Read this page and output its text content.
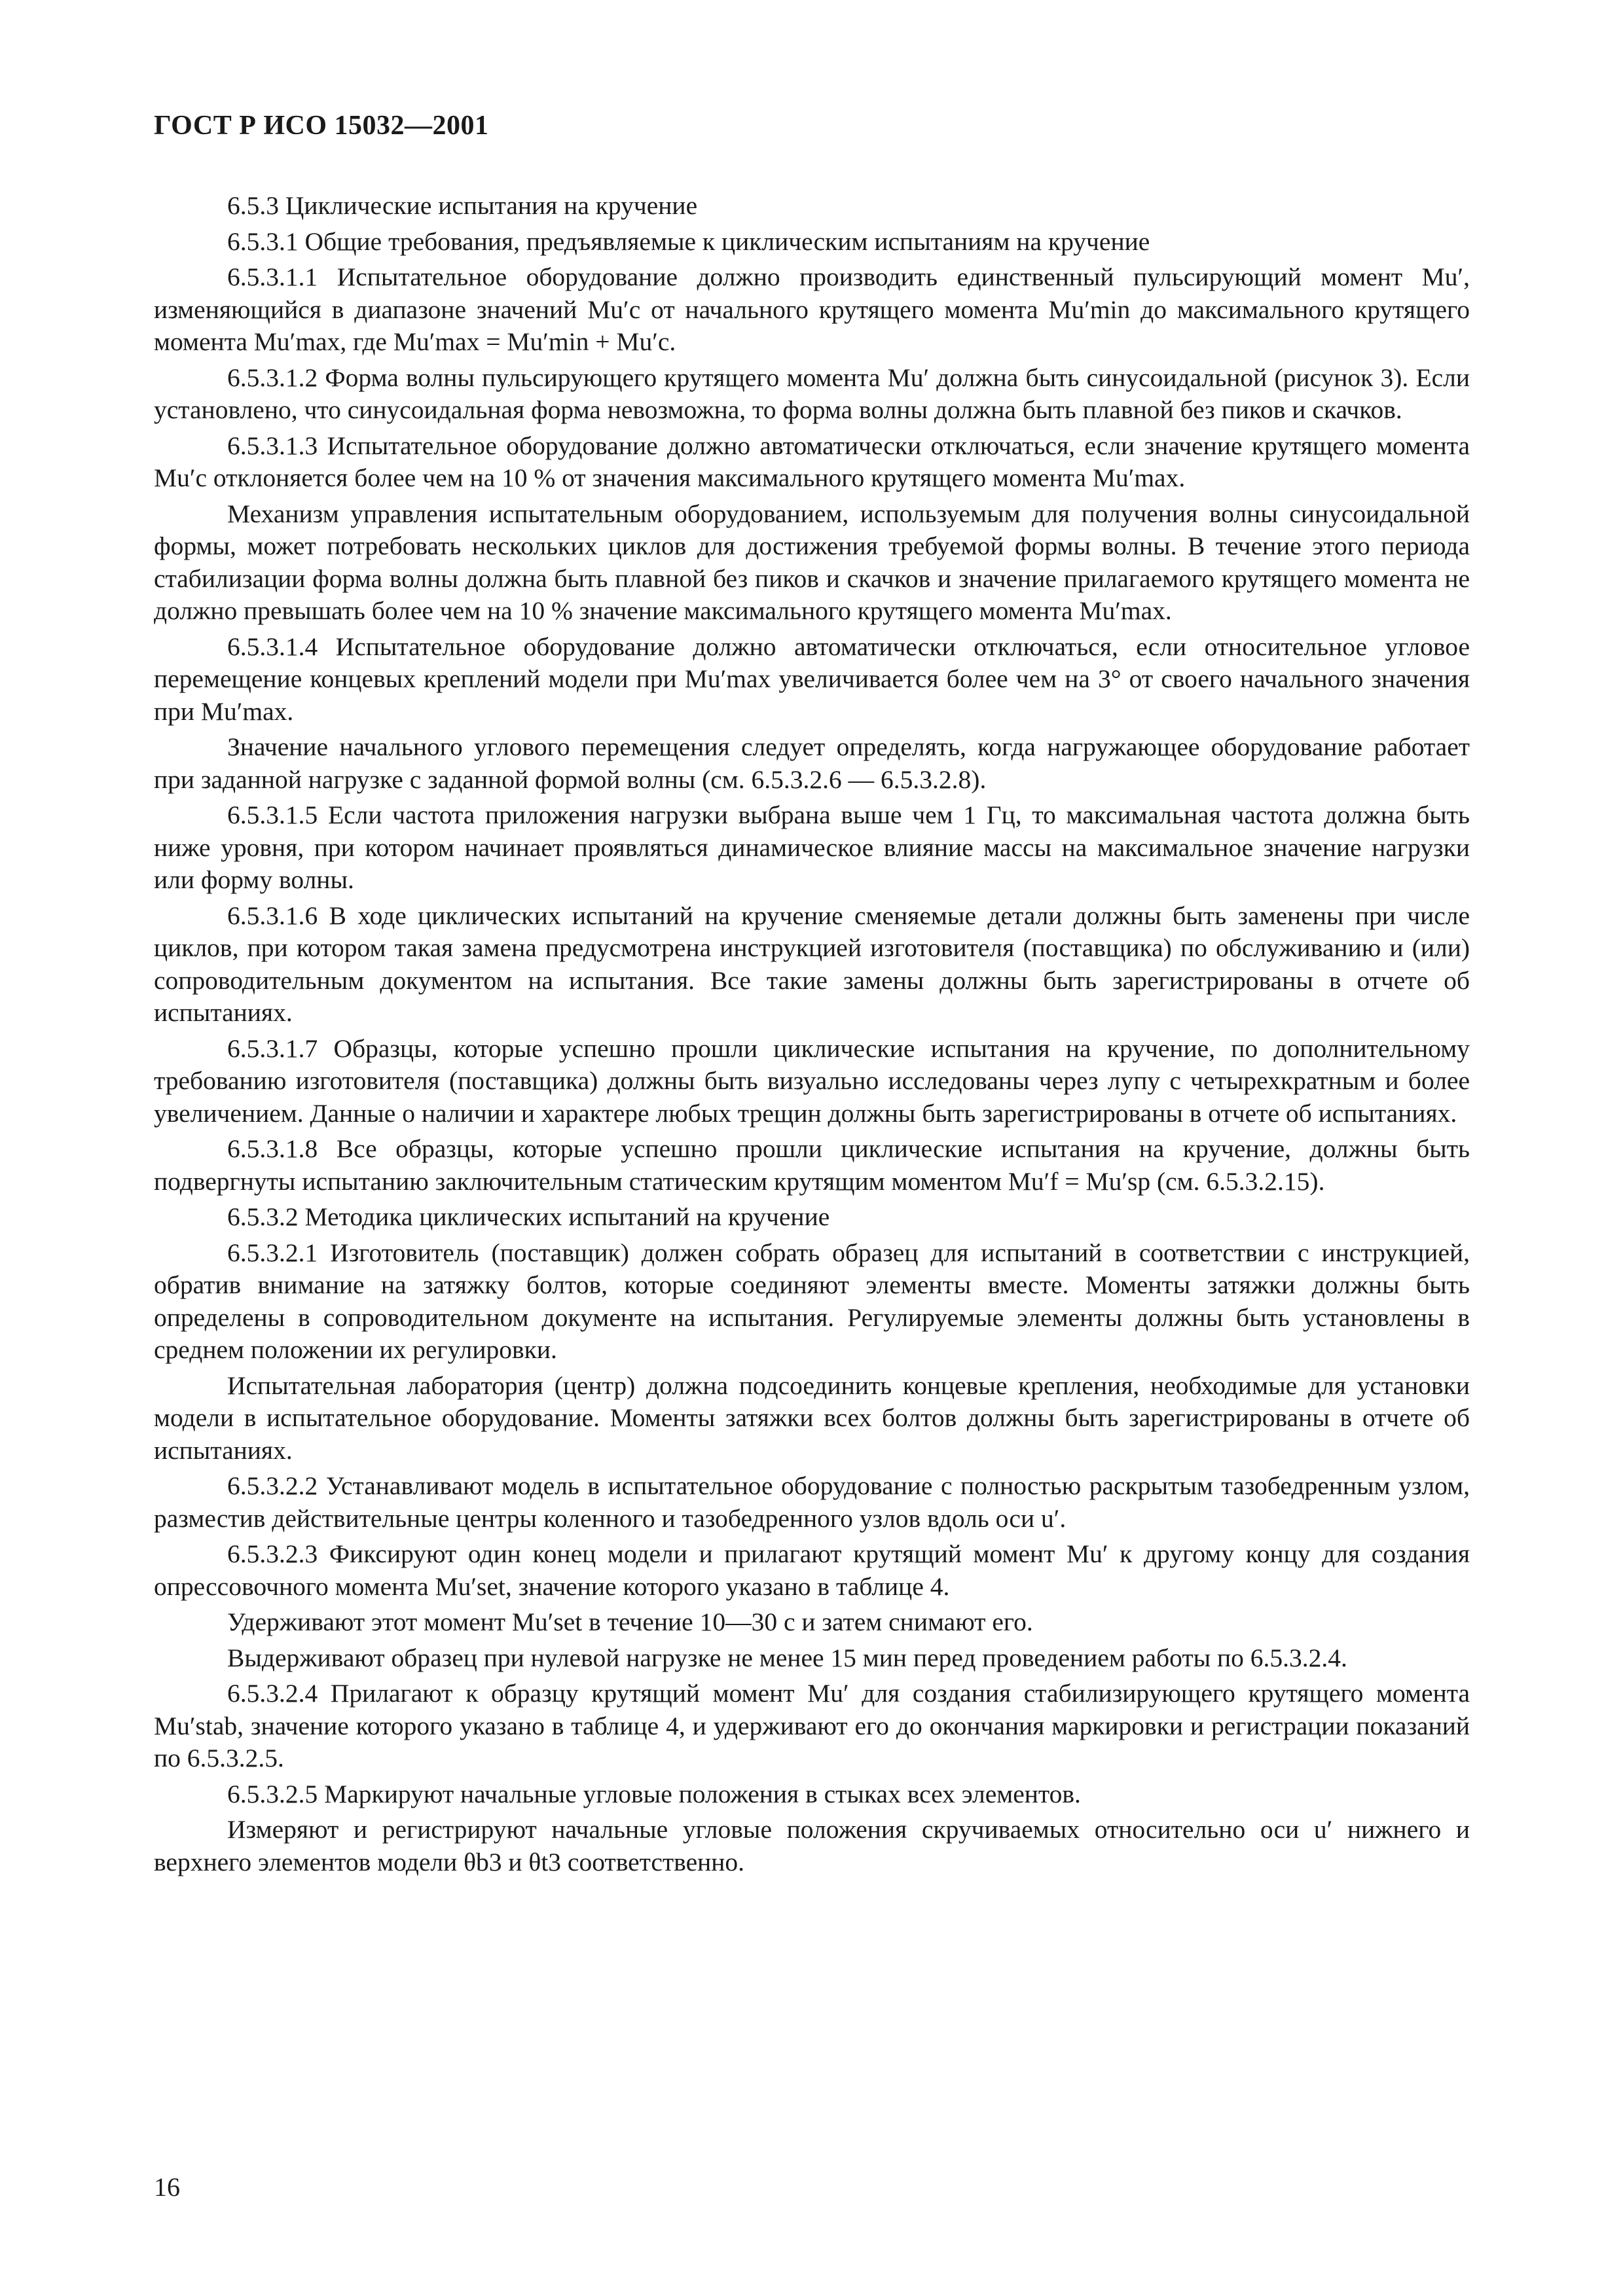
ГОСТ Р ИСО 15032—2001

6.5.3 Циклические испытания на кручение

6.5.3.1 Общие требования, предъявляемые к циклическим испытаниям на кручение

6.5.3.1.1 Испытательное оборудование должно производить единственный пульсирующий момент Mu′, изменяющийся в диапазоне значений Mu′c от начального крутящего момента Mu′min до максимального крутящего момента Mu′max, где Mu′max = Mu′min + Mu′c.

6.5.3.1.2 Форма волны пульсирующего крутящего момента Mu′ должна быть синусоидальной (рисунок 3). Если установлено, что синусоидальная форма невозможна, то форма волны должна быть плавной без пиков и скачков.

6.5.3.1.3 Испытательное оборудование должно автоматически отключаться, если значение крутящего момента Mu′c отклоняется более чем на 10 % от значения максимального крутящего момента Mu′max.

Механизм управления испытательным оборудованием, используемым для получения волны синусоидальной формы, может потребовать нескольких циклов для достижения требуемой формы волны. В течение этого периода стабилизации форма волны должна быть плавной без пиков и скачков и значение прилагаемого крутящего момента не должно превышать более чем на 10 % значение максимального крутящего момента Mu′max.

6.5.3.1.4 Испытательное оборудование должно автоматически отключаться, если относительное угловое перемещение концевых креплений модели при Mu′max увеличивается более чем на 3° от своего начального значения при Mu′max.

Значение начального углового перемещения следует определять, когда нагружающее оборудование работает при заданной нагрузке с заданной формой волны (см. 6.5.3.2.6 — 6.5.3.2.8).

6.5.3.1.5 Если частота приложения нагрузки выбрана выше чем 1 Гц, то максимальная частота должна быть ниже уровня, при котором начинает проявляться динамическое влияние массы на максимальное значение нагрузки или форму волны.

6.5.3.1.6 В ходе циклических испытаний на кручение сменяемые детали должны быть заменены при числе циклов, при котором такая замена предусмотрена инструкцией изготовителя (поставщика) по обслуживанию и (или) сопроводительным документом на испытания. Все такие замены должны быть зарегистрированы в отчете об испытаниях.

6.5.3.1.7 Образцы, которые успешно прошли циклические испытания на кручение, по дополнительному требованию изготовителя (поставщика) должны быть визуально исследованы через лупу с четырехкратным и более увеличением. Данные о наличии и характере любых трещин должны быть зарегистрированы в отчете об испытаниях.

6.5.3.1.8 Все образцы, которые успешно прошли циклические испытания на кручение, должны быть подвергнуты испытанию заключительным статическим крутящим моментом Mu′f = Mu′sp (см. 6.5.3.2.15).

6.5.3.2 Методика циклических испытаний на кручение

6.5.3.2.1 Изготовитель (поставщик) должен собрать образец для испытаний в соответствии с инструкцией, обратив внимание на затяжку болтов, которые соединяют элементы вместе. Моменты затяжки должны быть определены в сопроводительном документе на испытания. Регулируемые элементы должны быть установлены в среднем положении их регулировки.

Испытательная лаборатория (центр) должна подсоединить концевые крепления, необходимые для установки модели в испытательное оборудование. Моменты затяжки всех болтов должны быть зарегистрированы в отчете об испытаниях.

6.5.3.2.2 Устанавливают модель в испытательное оборудование с полностью раскрытым тазобедренным узлом, разместив действительные центры коленного и тазобедренного узлов вдоль оси u′.

6.5.3.2.3 Фиксируют один конец модели и прилагают крутящий момент Mu′ к другому концу для создания опрессовочного момента Mu′set, значение которого указано в таблице 4.

Удерживают этот момент Mu′set в течение 10—30 с и затем снимают его.

Выдерживают образец при нулевой нагрузке не менее 15 мин перед проведением работы по 6.5.3.2.4.

6.5.3.2.4 Прилагают к образцу крутящий момент Mu′ для создания стабилизирующего крутящего момента Mu′stab, значение которого указано в таблице 4, и удерживают его до окончания маркировки и регистрации показаний по 6.5.3.2.5.

6.5.3.2.5 Маркируют начальные угловые положения в стыках всех элементов.

Измеряют и регистрируют начальные угловые положения скручиваемых относительно оси u′ нижнего и верхнего элементов модели θb3 и θt3 соответственно.

16
